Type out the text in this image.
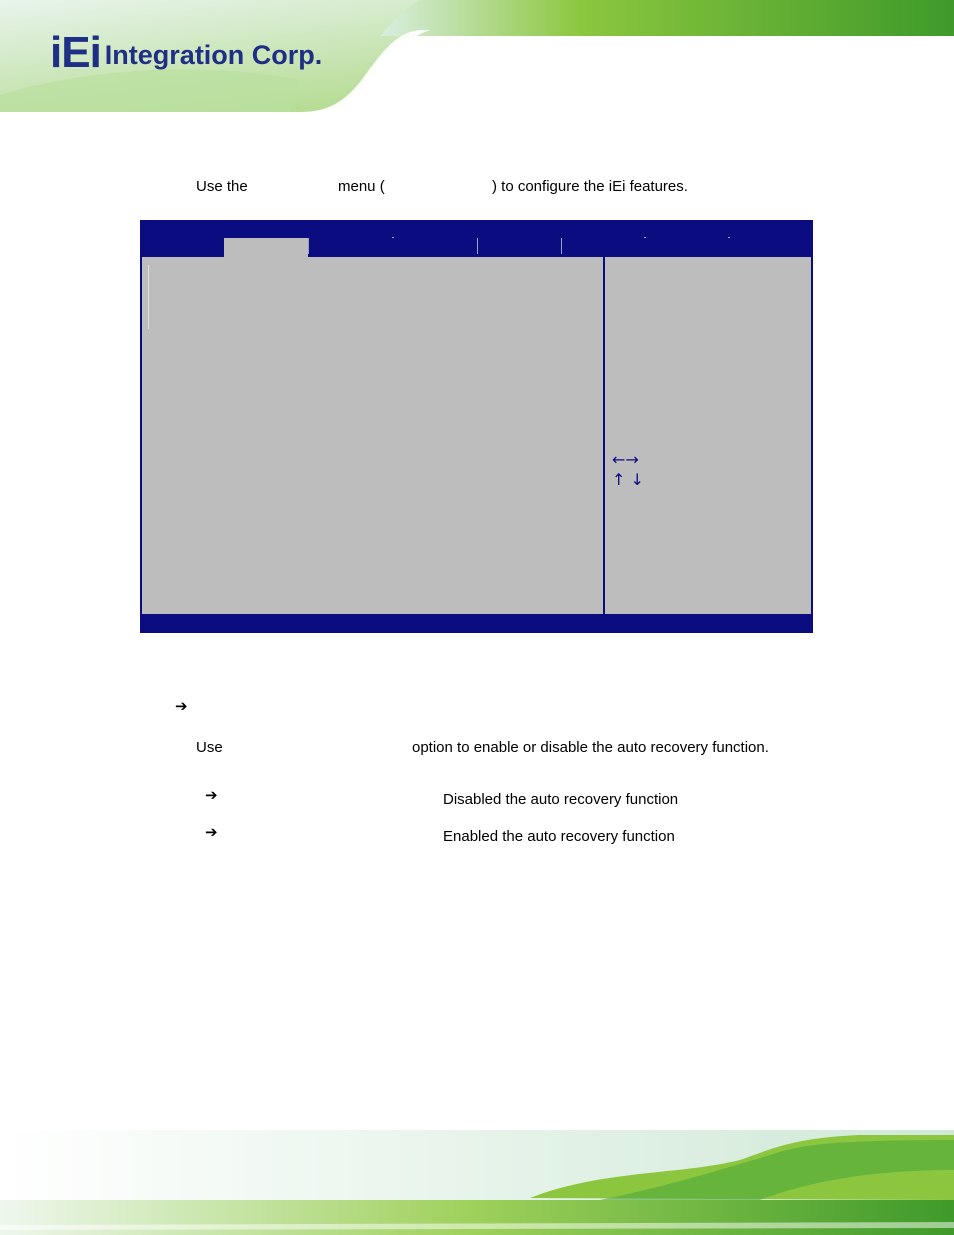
iEi Integration Corp.
Use the	menu (	) to configure the iEi features.
←→
↑ ↓
➔
Use	option to enable or disable the auto recovery function.
➔	Disabled the auto recovery function
➔	Enabled the auto recovery function
